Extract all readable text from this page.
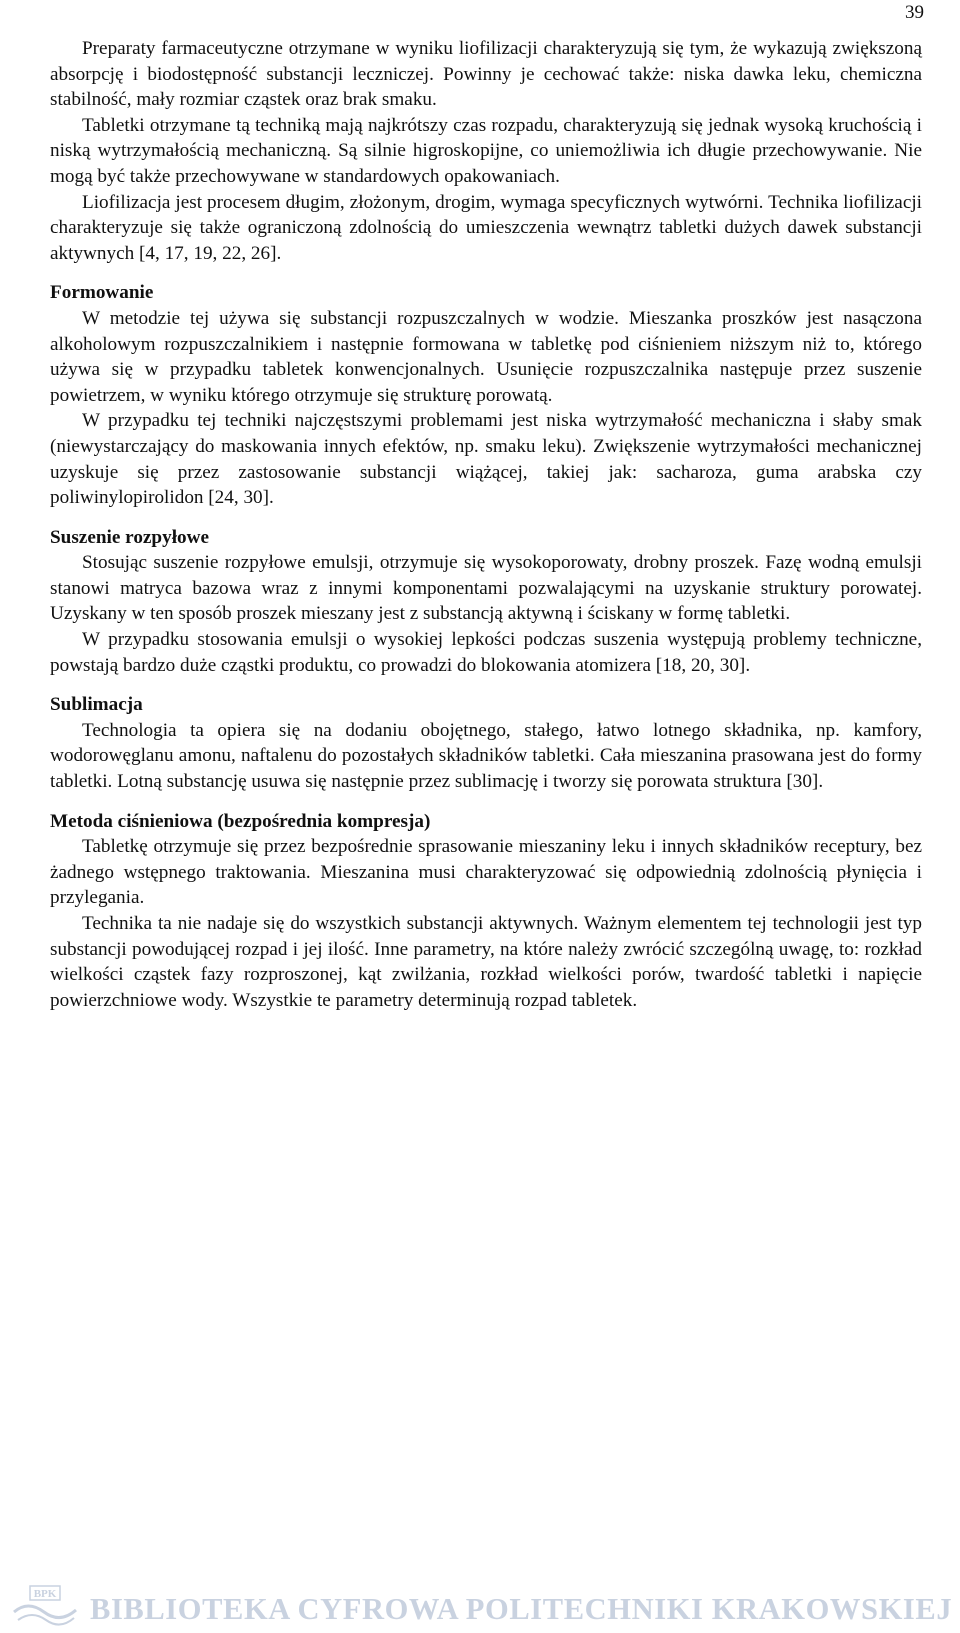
39

Preparaty farmaceutyczne otrzymane w wyniku liofilizacji charakteryzują się tym, że wykazują zwiększoną absorpcję i biodostępność substancji leczniczej. Powinny je cechować także: niska dawka leku, chemiczna stabilność, mały rozmiar cząstek oraz brak smaku.

Tabletki otrzymane tą techniką mają najkrótszy czas rozpadu, charakteryzują się jednak wysoką kruchością i niską wytrzymałością mechaniczną. Są silnie higroskopijne, co uniemożliwia ich długie przechowywanie. Nie mogą być także przechowywane w standardowych opakowaniach.

Liofilizacja jest procesem długim, złożonym, drogim, wymaga specyficznych wytwórni. Technika liofilizacji charakteryzuje się także ograniczoną zdolnością do umieszczenia wewnątrz tabletki dużych dawek substancji aktywnych [4, 17, 19, 22, 26].

Formowanie

W metodzie tej używa się substancji rozpuszczalnych w wodzie. Mieszanka proszków jest nasączona alkoholowym rozpuszczalnikiem i następnie formowana w tabletkę pod ciśnieniem niższym niż to, którego używa się w przypadku tabletek konwencjonalnych. Usunięcie rozpuszczalnika następuje przez suszenie powietrzem, w wyniku którego otrzymuje się strukturę porowatą.

W przypadku tej techniki najczęstszymi problemami jest niska wytrzymałość mechaniczna i słaby smak (niewystarczający do maskowania innych efektów, np. smaku leku). Zwiększenie wytrzymałości mechanicznej uzyskuje się przez zastosowanie substancji wiążącej, takiej jak: sacharoza, guma arabska czy poliwinylopirolidon [24, 30].

Suszenie rozpyłowe

Stosując suszenie rozpyłowe emulsji, otrzymuje się wysokoporowaty, drobny proszek. Fazę wodną emulsji stanowi matryca bazowa wraz z innymi komponentami pozwalającymi na uzyskanie struktury porowatej. Uzyskany w ten sposób proszek mieszany jest z substancją aktywną i ściskany w formę tabletki.

W przypadku stosowania emulsji o wysokiej lepkości podczas suszenia występują problemy techniczne, powstają bardzo duże cząstki produktu, co prowadzi do blokowania atomizera [18, 20, 30].

Sublimacja

Technologia ta opiera się na dodaniu obojętnego, stałego, łatwo lotnego składnika, np. kamfory, wodorowęglanu amonu, naftalenu do pozostałych składników tabletki. Cała mieszanina prasowana jest do formy tabletki. Lotną substancję usuwa się następnie przez sublimację i tworzy się porowata struktura [30].

Metoda ciśnieniowa (bezpośrednia kompresja)

Tabletkę otrzymuje się przez bezpośrednie sprasowanie mieszaniny leku i innych składników receptury, bez żadnego wstępnego traktowania. Mieszanina musi charakteryzować się odpowiednią zdolnością płynięcia i przylegania.

Technika ta nie nadaje się do wszystkich substancji aktywnych. Ważnym elementem tej technologii jest typ substancji powodującej rozpad i jej ilość. Inne parametry, na które należy zwrócić szczególną uwagę, to: rozkład wielkości cząstek fazy rozproszonej, kąt zwilżania, rozkład wielkości porów, twardość tabletki i napięcie powierzchniowe wody. Wszystkie te parametry determinują rozpad tabletek.

BPK BIBLIOTEKA CYFROWA POLITECHNIKI KRAKOWSKIEJ
